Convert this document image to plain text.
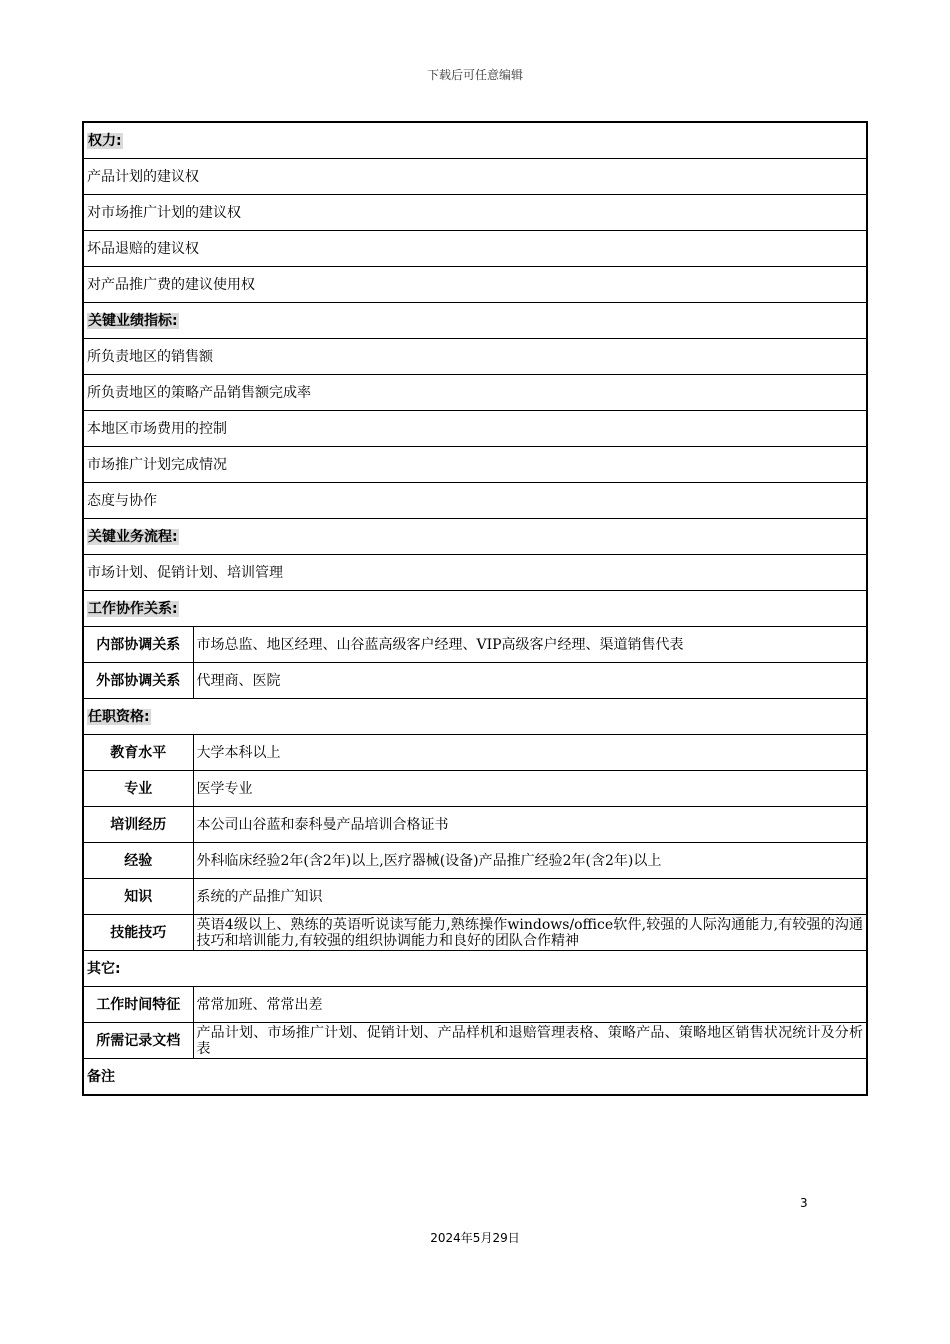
下载后可任意编辑
权力:	
产品计划的建议权	
对市场推广计划的建议权	
坏品退赔的建议权	
对产品推广费的建议使用权	
关键业绩指标:	
所负责地区的销售额	
所负责地区的策略产品销售额完成率	
本地区市场费用的控制	
市场推广计划完成情况	
态度与协作	
关键业务流程:	
市场计划、促销计划、培训管理	
工作协作关系:	
内部协调关系	市场总监、地区经理、山谷蓝高级客户经理、VIP高级客户经理、渠道销售代表
外部协调关系	代理商、医院
任职资格:	
教育水平	大学本科以上
专业	医学专业
培训经历	本公司山谷蓝和泰科曼产品培训合格证书
经验	外科临床经验2年(含2年)以上,医疗器械(设备)产品推广经验2年(含2年)以上
知识	系统的产品推广知识
技能技巧	英语4级以上、熟练的英语听说读写能力,熟练操作windows/office软件,较强的人际沟通能力,有较强的沟通技巧和培训能力,有较强的组织协调能力和良好的团队合作精神
其它:	
工作时间特征	常常加班、常常出差
所需记录文档	产品计划、市场推广计划、促销计划、产品样机和退赔管理表格、策略产品、策略地区销售状况统计及分析表
备注	
3
2024年5月29日
